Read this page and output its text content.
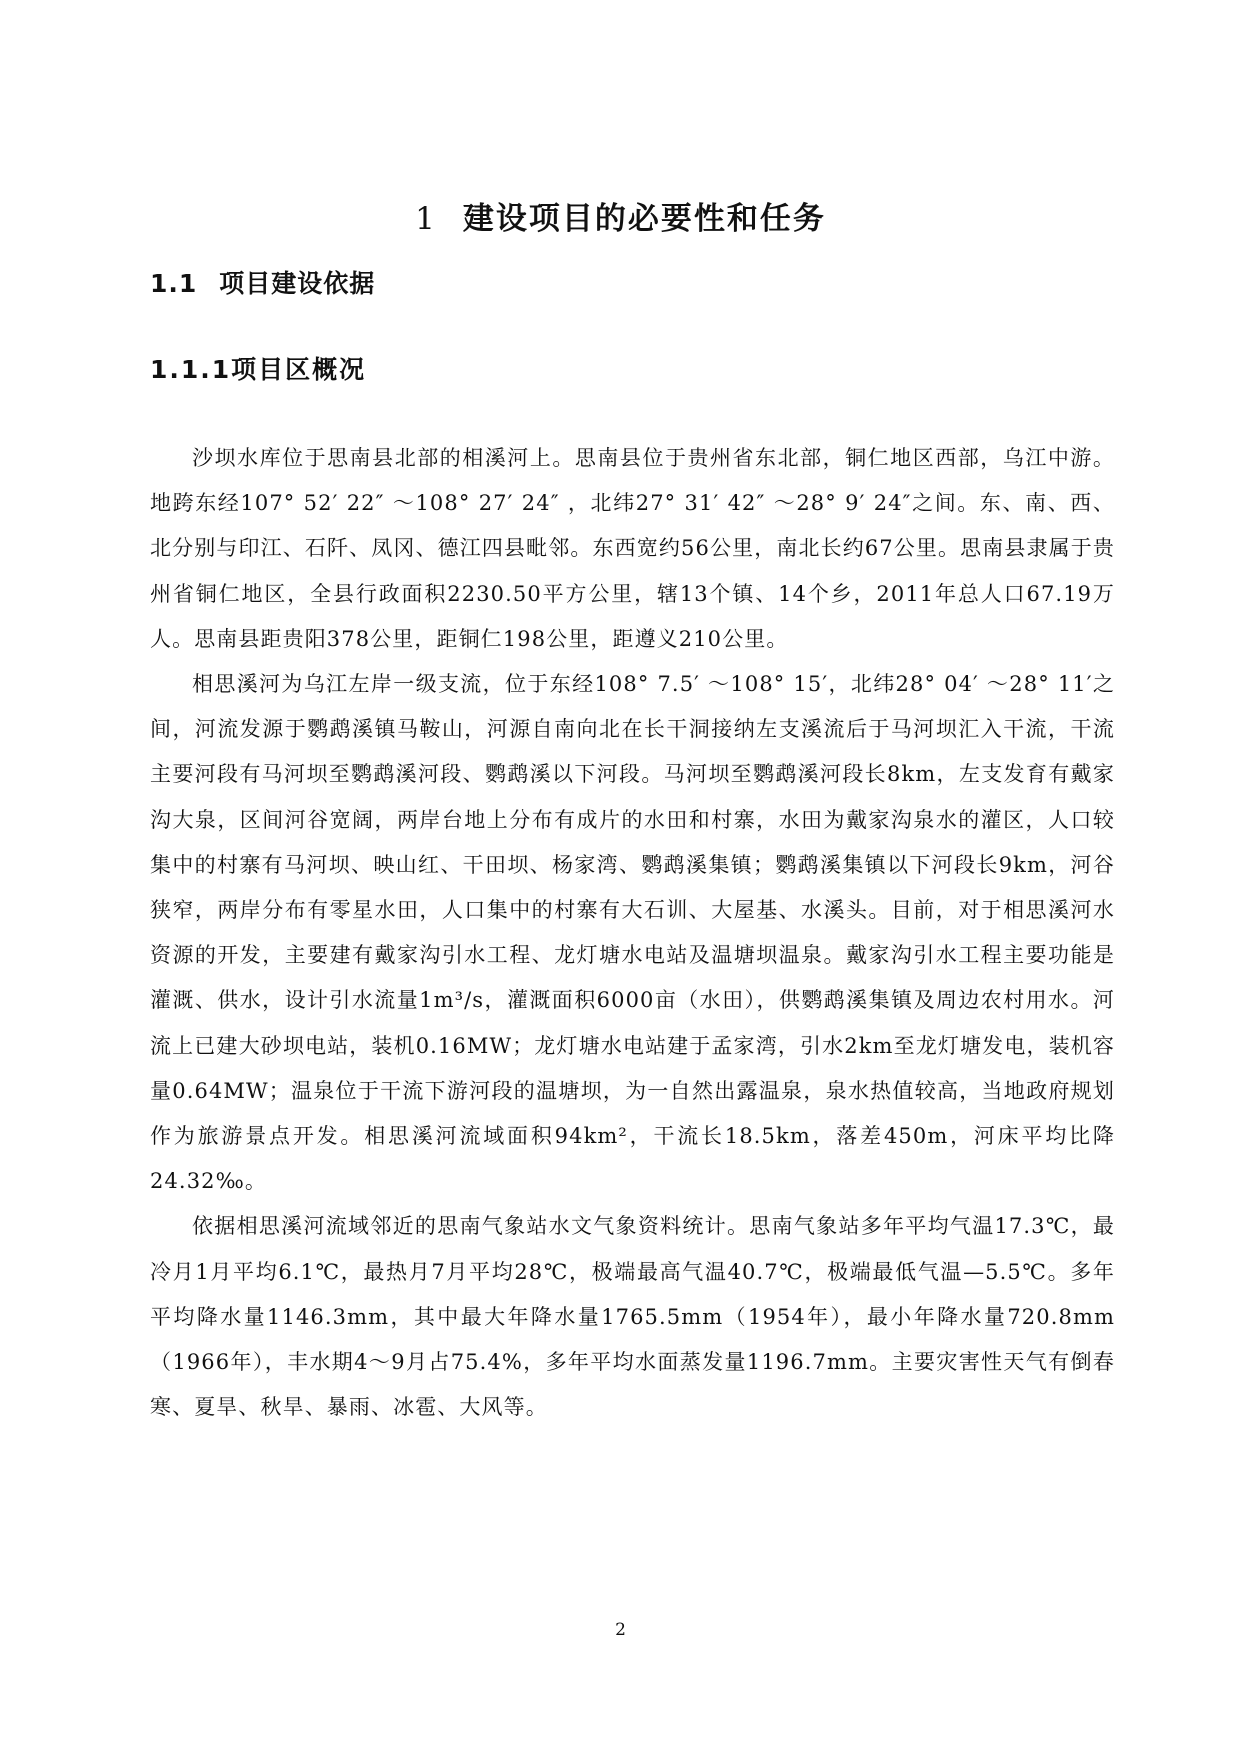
1 建设项目的必要性和任务
1.1 项目建设依据
1.1.1项目区概况

沙坝水库位于思南县北部的相溪河上。思南县位于贵州省东北部，铜仁地区西部，乌江中游。地跨东经107° 52′ 22″ ～108° 27′ 24″ ，北纬27° 31′ 42″ ～28° 9′ 24″之间。东、南、西、北分别与印江、石阡、凤冈、德江四县毗邻。东西宽约56公里，南北长约67公里。思南县隶属于贵州省铜仁地区，全县行政面积2230.50平方公里，辖13个镇、14个乡，2011年总人口67.19万人。思南县距贵阳378公里，距铜仁198公里，距遵义210公里。

相思溪河为乌江左岸一级支流，位于东经108° 7.5′ ～108° 15′，北纬28° 04′ ～28° 11′之间，河流发源于鹦鹉溪镇马鞍山，河源自南向北在长干洞接纳左支溪流后于马河坝汇入干流，干流主要河段有马河坝至鹦鹉溪河段、鹦鹉溪以下河段。马河坝至鹦鹉溪河段长8km，左支发育有戴家沟大泉，区间河谷宽阔，两岸台地上分布有成片的水田和村寨，水田为戴家沟泉水的灌区，人口较集中的村寨有马河坝、映山红、干田坝、杨家湾、鹦鹉溪集镇；鹦鹉溪集镇以下河段长9km，河谷狭窄，两岸分布有零星水田，人口集中的村寨有大石训、大屋基、水溪头。目前，对于相思溪河水资源的开发，主要建有戴家沟引水工程、龙灯塘水电站及温塘坝温泉。戴家沟引水工程主要功能是灌溉、供水，设计引水流量1m³/s，灌溉面积6000亩（水田），供鹦鹉溪集镇及周边农村用水。河流上已建大砂坝电站，装机0.16MW；龙灯塘水电站建于孟家湾，引水2km至龙灯塘发电，装机容量0.64MW；温泉位于干流下游河段的温塘坝，为一自然出露温泉，泉水热值较高，当地政府规划作为旅游景点开发。相思溪河流域面积94km²，干流长18.5km，落差450m，河床平均比降24.32‰。

依据相思溪河流域邻近的思南气象站水文气象资料统计。思南气象站多年平均气温17.3℃，最冷月1月平均6.1℃，最热月7月平均28℃，极端最高气温40.7℃，极端最低气温—5.5℃。多年平均降水量1146.3mm，其中最大年降水量1765.5mm（1954年），最小年降水量720.8mm（1966年），丰水期4～9月占75.4%，多年平均水面蒸发量1196.7mm。主要灾害性天气有倒春寒、夏旱、秋旱、暴雨、冰雹、大风等。

2
